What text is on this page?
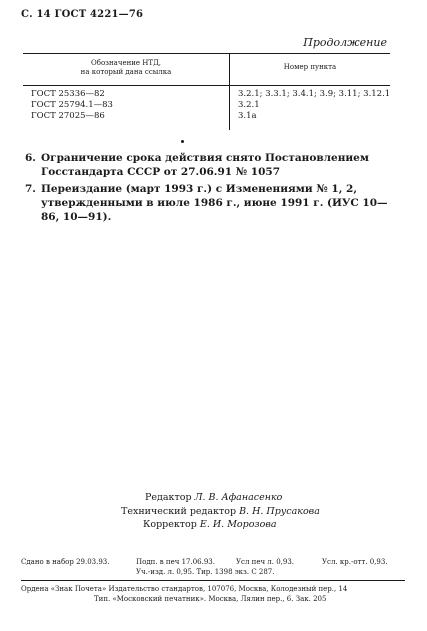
С. 14 ГОСТ 4221—76
Продолжение
Обозначение НТД,
на который дана ссылка
Номер пункта
ГОСТ 25336—82	3.2.1; 3.3.1; 3.4.1; 3.9; 3.11; 3.12.1
ГОСТ 25794.1—83	3.2.1
ГОСТ 27025—86	3.1а
6. Ограничение срока действия снято Постановлением Госстандарта СССР от 27.06.91 № 1057
7. Переиздание (март 1993 г.) с Изменениями № 1, 2, утвержденными в июле 1986 г., июне 1991 г. (ИУС 10—86, 10—91).
Редактор Л. В. Афанасенко
Технический редактор В. Н. Прусакова
Корректор Е. И. Морозова
Сдано в набор 29.03.93.	Подп. в печ 17.06.93.	Усл печ л. 0,93.	Усл. кр.-отт. 0,93.
Уч.-изд. л. 0,95. Тир. 1398 экз. С 287.
Ордена «Знак Почета» Издательство стандартов, 107076, Москва, Колодезный пер., 14
Тип. «Московский печатник». Москва, Лялин пер., 6. Зак. 205
